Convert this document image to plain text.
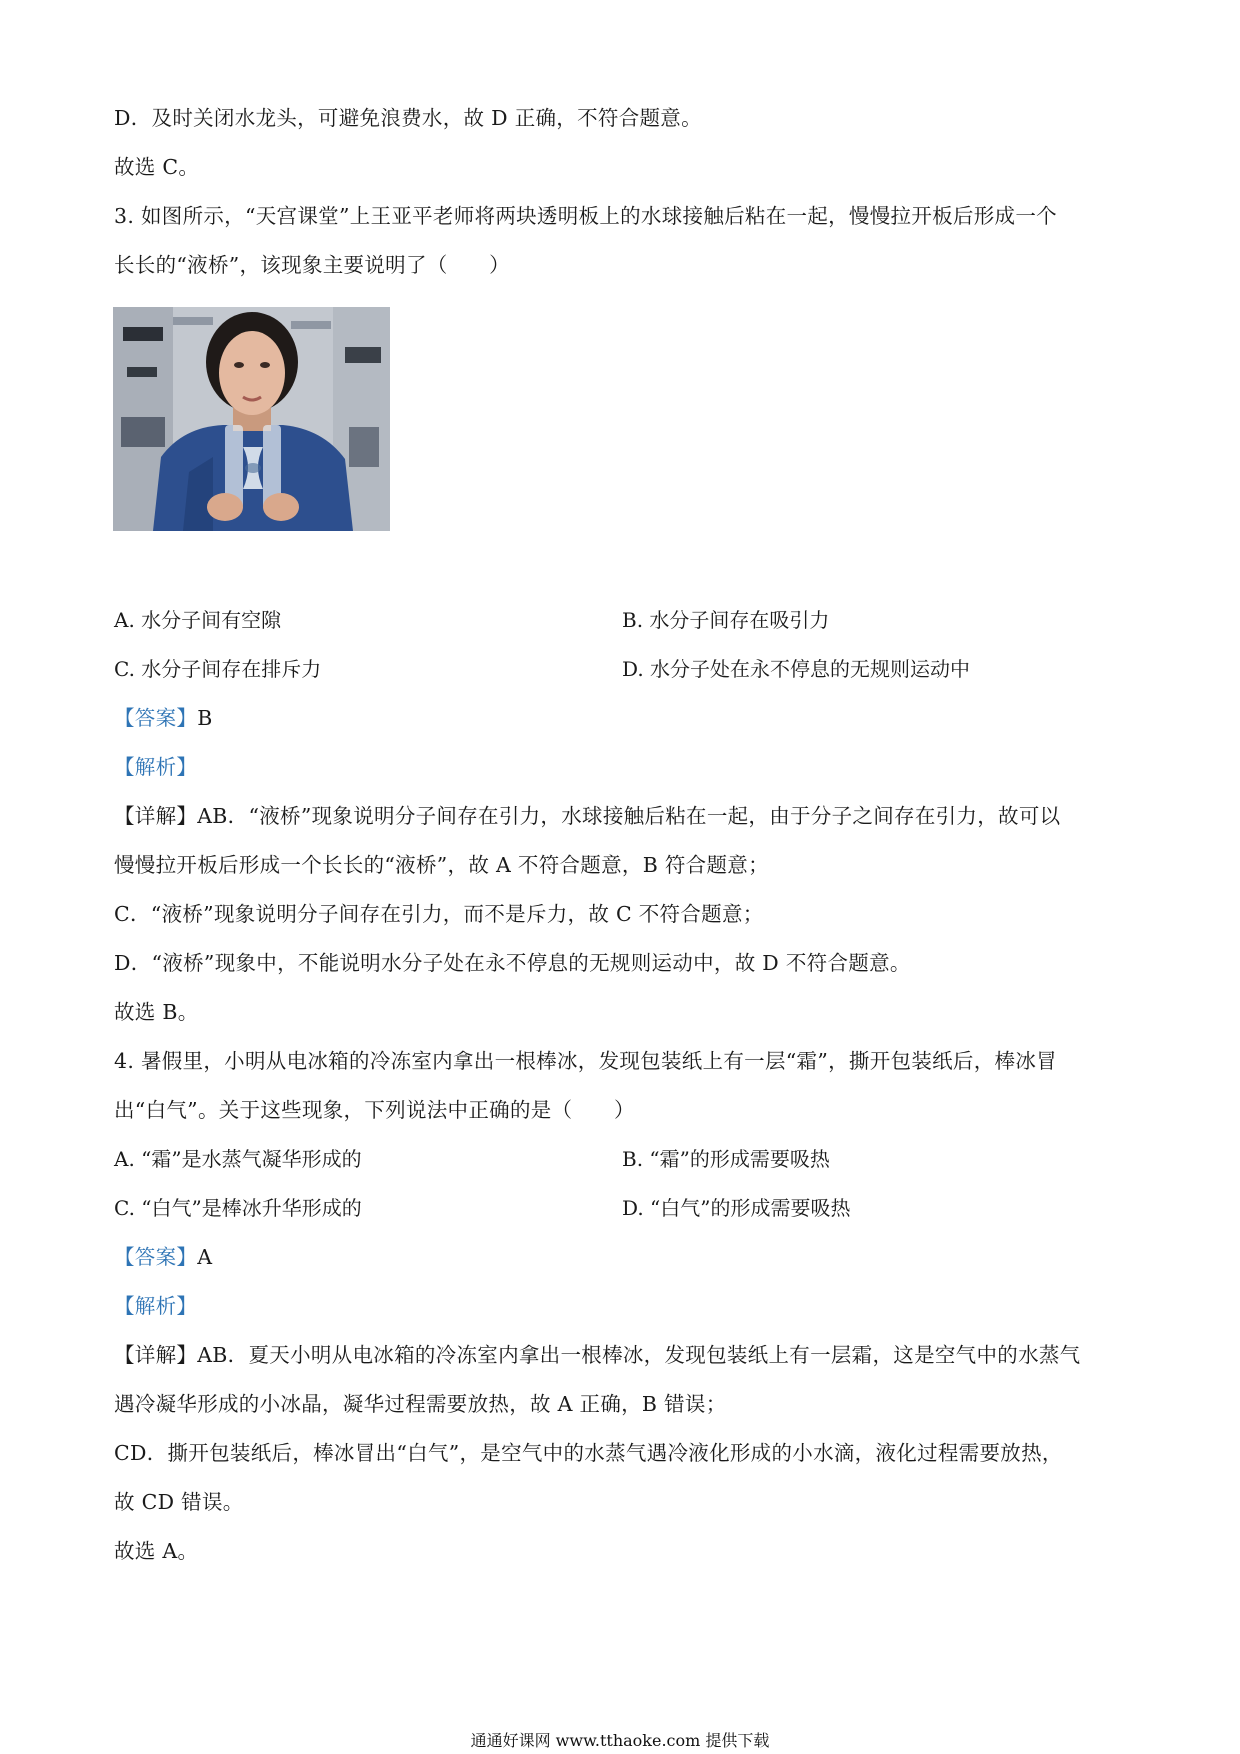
D．及时关闭水龙头，可避免浪费水，故 D 正确，不符合题意。
故选 C。
3. 如图所示，“天宫课堂”上王亚平老师将两块透明板上的水球接触后粘在一起，慢慢拉开板后形成一个
长长的“液桥”，该现象主要说明了（　　）
A. 水分子间有空隙	B. 水分子间存在吸引力
C. 水分子间存在排斥力	D. 水分子处在永不停息的无规则运动中
【答案】B
【解析】
【详解】AB．“液桥”现象说明分子间存在引力，水球接触后粘在一起，由于分子之间存在引力，故可以
慢慢拉开板后形成一个长长的“液桥”，故 A 不符合题意，B 符合题意；
C．“液桥”现象说明分子间存在引力，而不是斥力，故 C 不符合题意；
D．“液桥”现象中，不能说明水分子处在永不停息的无规则运动中，故 D 不符合题意。
故选 B。
4. 暑假里，小明从电冰箱的冷冻室内拿出一根棒冰，发现包装纸上有一层“霜”，撕开包装纸后，棒冰冒
出“白气”。关于这些现象，下列说法中正确的是（　　）
A. “霜”是水蒸气凝华形成的	B. “霜”的形成需要吸热
C. “白气”是棒冰升华形成的	D. “白气”的形成需要吸热
【答案】A
【解析】
【详解】AB．夏天小明从电冰箱的冷冻室内拿出一根棒冰，发现包装纸上有一层霜，这是空气中的水蒸气
遇冷凝华形成的小冰晶，凝华过程需要放热，故 A 正确，B 错误；
CD．撕开包装纸后，棒冰冒出“白气”，是空气中的水蒸气遇冷液化形成的小水滴，液化过程需要放热，
故 CD 错误。
故选 A。
通通好课网 www.tthaoke.com 提供下载
